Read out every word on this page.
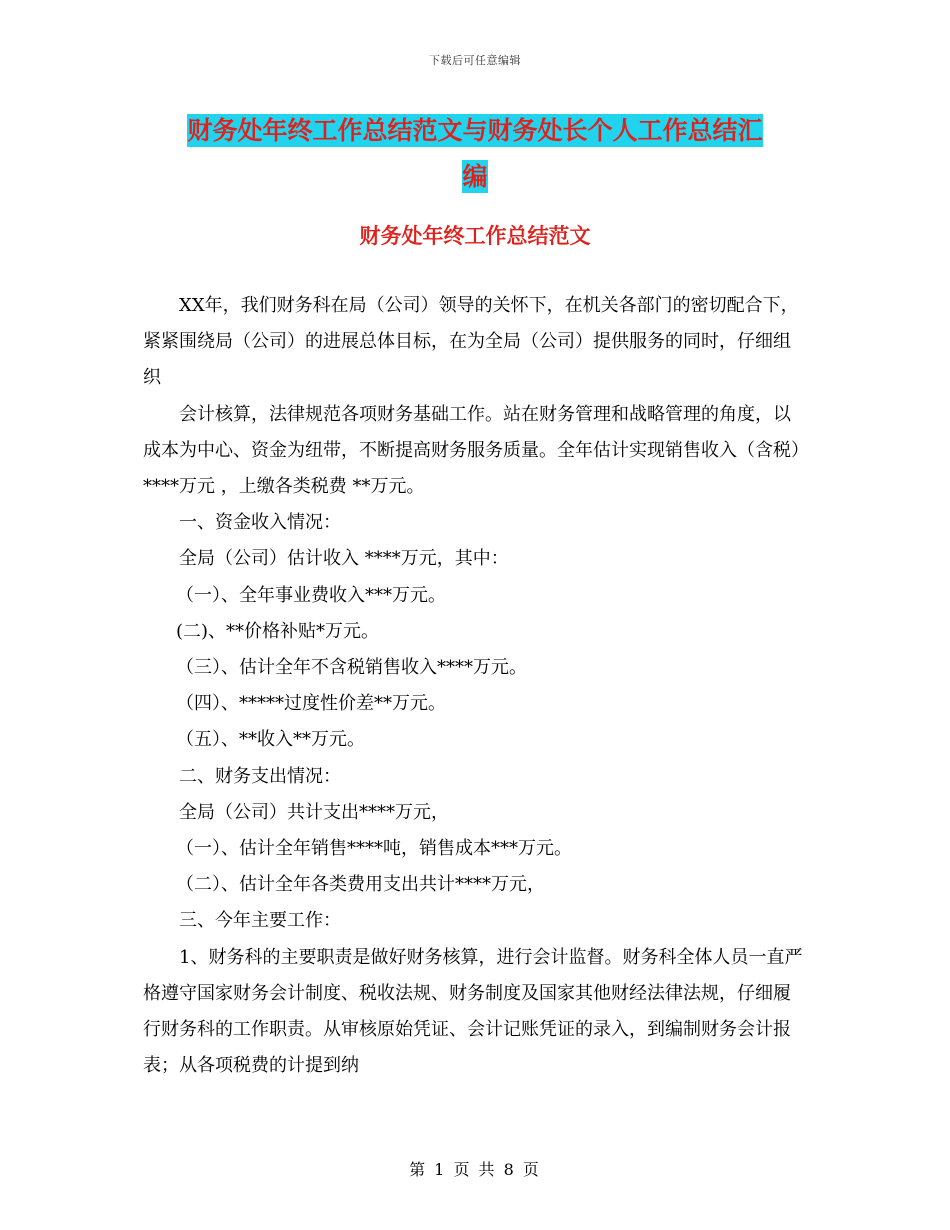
下载后可任意编辑
财务处年终工作总结范文与财务处长个人工作总结汇
编
财务处年终工作总结范文

XX年，我们财务科在局（公司）领导的关怀下，在机关各部门的密切配合下，紧紧围绕局（公司）的进展总体目标，在为全局（公司）提供服务的同时，仔细组织

会计核算，法律规范各项财务基础工作。站在财务管理和战略管理的角度，以成本为中心、资金为纽带，不断提高财务服务质量。全年估计实现销售收入（含税）****万元 ，上缴各类税费 **万元。

一、资金收入情况：

全局（公司）估计收入 ****万元，其中：

（一）、全年事业费收入***万元。

(二)、**价格补贴*万元。

（三）、估计全年不含税销售收入****万元。

（四）、*****过度性价差**万元。

（五）、**收入**万元。

二、财务支出情况：

全局（公司）共计支出****万元，

（一）、估计全年销售****吨，销售成本***万元。

（二）、估计全年各类费用支出共计****万元，

三、今年主要工作：

1、财务科的主要职责是做好财务核算，进行会计监督。财务科全体人员一直严格遵守国家财务会计制度、税收法规、财务制度及国家其他财经法律法规，仔细履行财务科的工作职责。从审核原始凭证、会计记账凭证的录入，到编制财务会计报表；从各项税费的计提到纳

第 1 页 共 8 页
